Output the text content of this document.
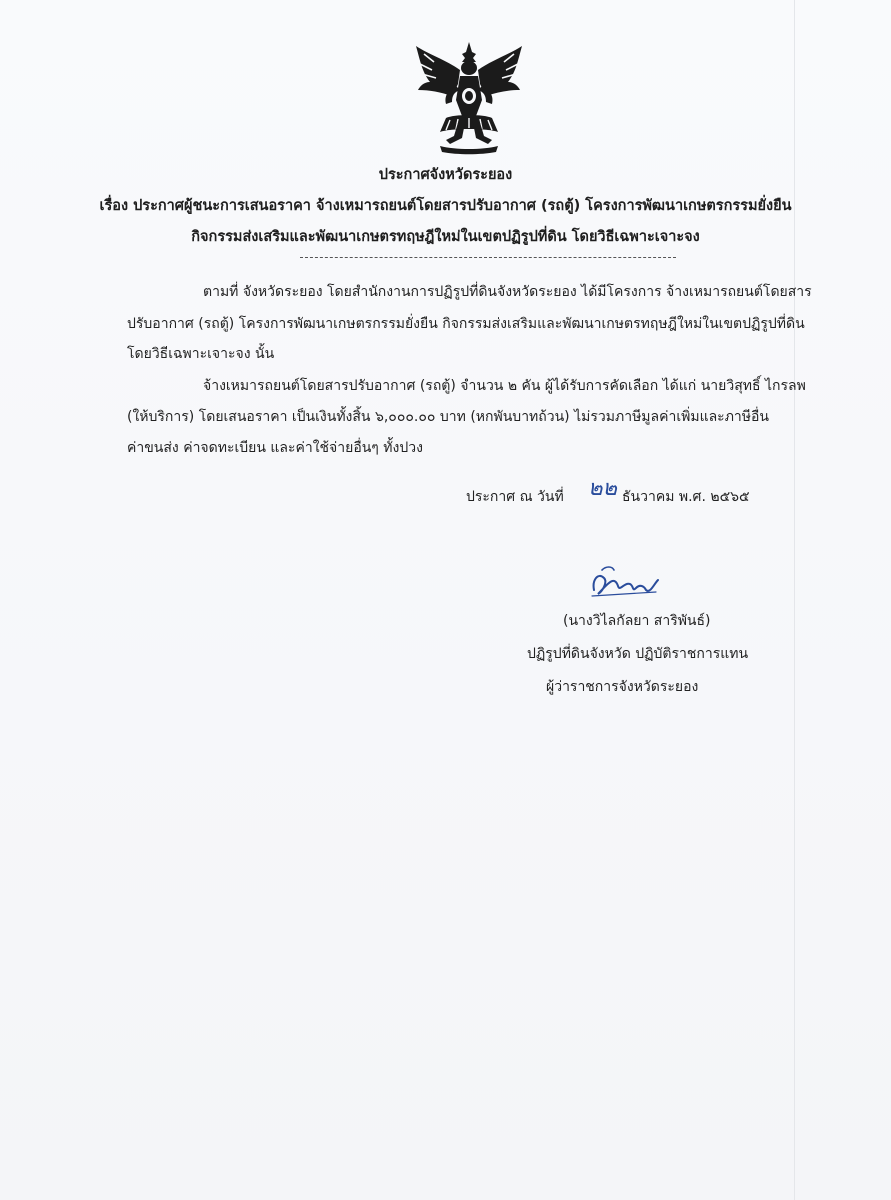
ประกาศจังหวัดระยอง
เรื่อง ประกาศผู้ชนะการเสนอราคา จ้างเหมารถยนต์โดยสารปรับอากาศ (รถตู้) โครงการพัฒนาเกษตรกรรมยั่งยืน
กิจกรรมส่งเสริมและพัฒนาเกษตรทฤษฎีใหม่ในเขตปฏิรูปที่ดิน โดยวิธีเฉพาะเจาะจง
ตามที่ จังหวัดระยอง โดยสำนักงานการปฏิรูปที่ดินจังหวัดระยอง ได้มีโครงการ จ้างเหมารถยนต์โดยสาร
ปรับอากาศ (รถตู้) โครงการพัฒนาเกษตรกรรมยั่งยืน กิจกรรมส่งเสริมและพัฒนาเกษตรทฤษฎีใหม่ในเขตปฏิรูปที่ดิน
โดยวิธีเฉพาะเจาะจง นั้น
จ้างเหมารถยนต์โดยสารปรับอากาศ (รถตู้) จำนวน ๒ คัน ผู้ได้รับการคัดเลือก ได้แก่ นายวิสุทธิ์ ไกรลพ
(ให้บริการ) โดยเสนอราคา เป็นเงินทั้งสิ้น ๖,๐๐๐.๐๐ บาท (หกพันบาทถ้วน) ไม่รวมภาษีมูลค่าเพิ่มและภาษีอื่น
ค่าขนส่ง ค่าจดทะเบียน และค่าใช้จ่ายอื่นๆ ทั้งปวง
ประกาศ ณ วันที่ ๒๒ ธันวาคม พ.ศ. ๒๕๖๕
(นางวิไลกัลยา สาริพันธ์)
ปฏิรูปที่ดินจังหวัด ปฏิบัติราชการแทน
ผู้ว่าราชการจังหวัดระยอง
